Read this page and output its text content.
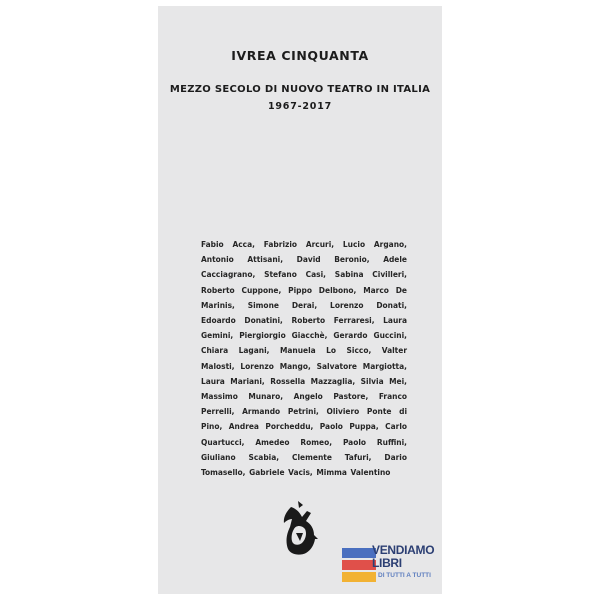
IVREA CINQUANTA
MEZZO SECOLO DI NUOVO TEATRO IN ITALIA
1967-2017
Fabio Acca, Fabrizio Arcuri, Lucio Argano, Antonio Attisani, David Beronio, Adele Cacciagrano, Stefano Casi, Sabina Civilleri, Roberto Cuppone, Pippo Delbono, Marco De Marinis, Simone Derai, Lorenzo Donati, Edoardo Donatini, Roberto Ferraresi, Laura Gemini, Piergiorgio Giacchè, Gerardo Guccini, Chiara Lagani, Manuela Lo Sicco, Valter Malosti, Lorenzo Mango, Salvatore Margiotta, Laura Mariani, Rossella Mazzaglia, Silvia Mei, Massimo Munaro, Angelo Pastore, Franco Perrelli, Armando Petrini, Oliviero Ponte di Pino, Andrea Porcheddu, Paolo Puppa, Carlo Quartucci, Amedeo Romeo, Paolo Ruffini, Giuliano Scabia, Clemente Tafuri, Dario Tomasello, Gabriele Vacis, Mimma Valentino
VENDIAMO
LIBRI
DI TUTTI A TUTTI
